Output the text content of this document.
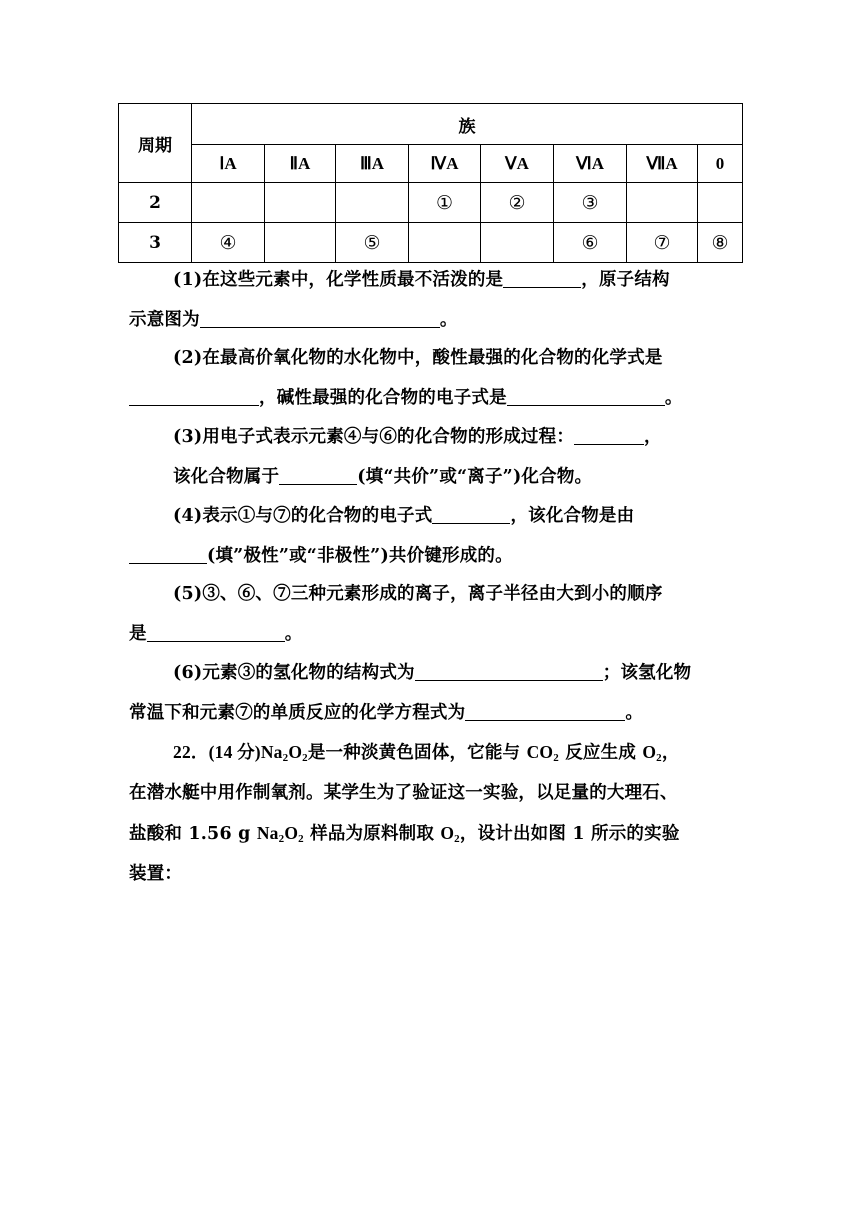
周期	族							
	ⅠA	ⅡA	ⅢA	ⅣA	ⅤA	ⅥA	ⅦA	0
2				①	②	③		
3	④		⑤			⑥	⑦	⑧

(1)在这些元素中，化学性质最不活泼的是	，原子结构
示意图为	。

(2)在最高价氧化物的水化物中，酸性最强的化合物的化学式是
，碱性最强的化合物的电子式是	。

(3)用电子式表示元素④与⑥的化合物的形成过程：	，
该化合物属于	(填“共价”或“离子”)化合物。

(4)表示①与⑦的化合物的电子式	，该化合物是由
(填”极性”或“非极性”)共价键形成的。

(5)③、⑥、⑦三种元素形成的离子，离子半径由大到小的顺序
是	。

(6)元素③的氢化物的结构式为	；该氢化物
常温下和元素⑦的单质反应的化学方程式为	。

22．(14 分)$Na_2O_2$是一种淡黄色固体，它能与 $CO_2$ 反应生成 $O_2$，
在潜水艇中用作制氧剂。某学生为了验证这一实验，以足量的大理石、
盐酸和 1.56 g $Na_2O_2$ 样品为原料制取 $O_2$，设计出如图 1 所示的实验
装置：
